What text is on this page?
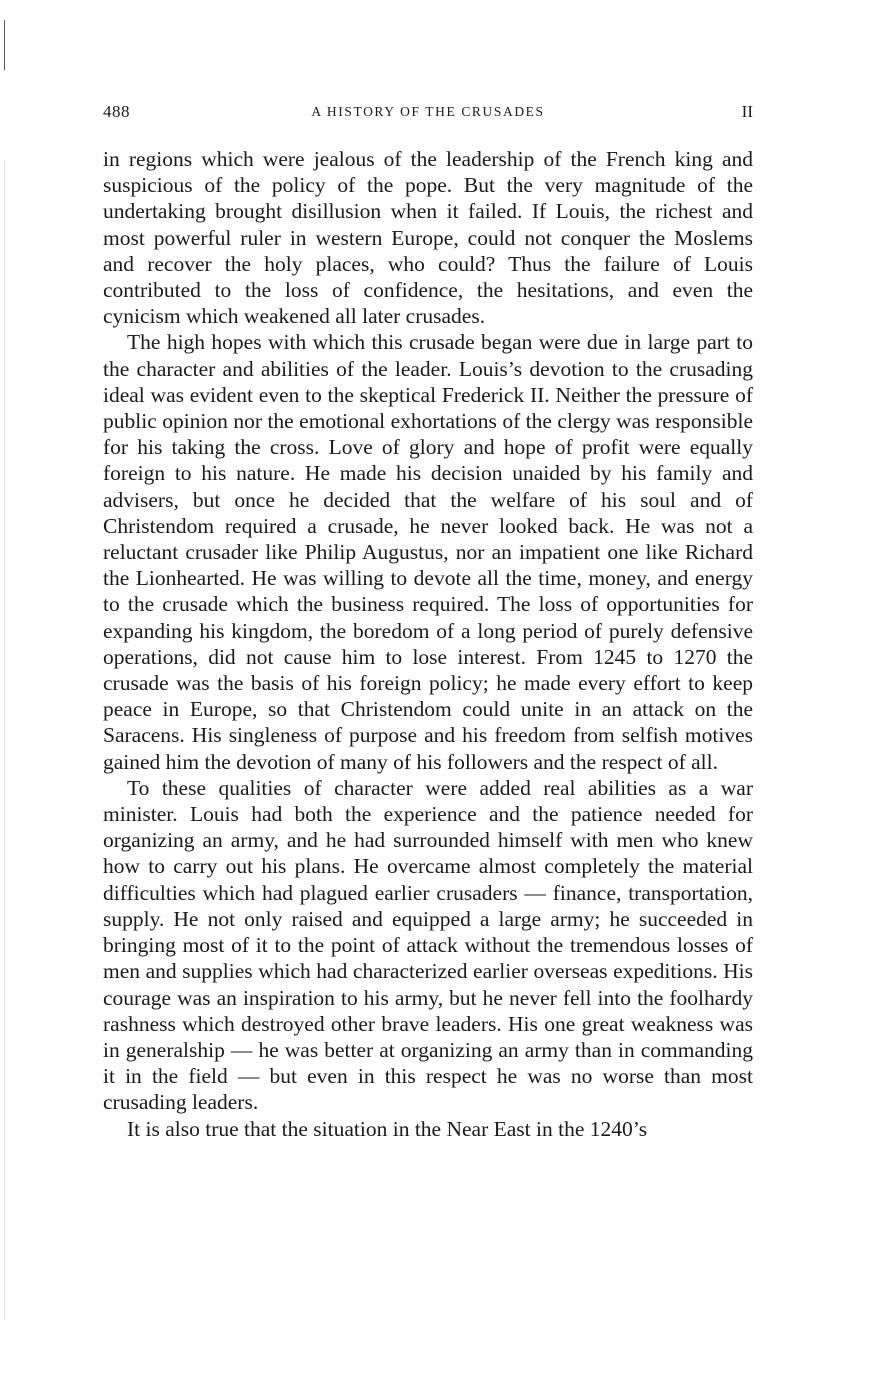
488	A HISTORY OF THE CRUSADES	II

in regions which were jealous of the leadership of the French king and suspicious of the policy of the pope. But the very magnitude of the undertaking brought disillusion when it failed. If Louis, the richest and most powerful ruler in western Europe, could not conquer the Moslems and recover the holy places, who could? Thus the failure of Louis contributed to the loss of confidence, the hesitations, and even the cynicism which weakened all later crusades.

The high hopes with which this crusade began were due in large part to the character and abilities of the leader. Louis’s devotion to the crusading ideal was evident even to the skeptical Frederick II. Neither the pressure of public opinion nor the emotional exhortations of the clergy was responsible for his taking the cross. Love of glory and hope of profit were equally foreign to his nature. He made his decision unaided by his family and advisers, but once he decided that the welfare of his soul and of Christendom required a crusade, he never looked back. He was not a reluctant crusader like Philip Augustus, nor an impatient one like Richard the Lionhearted. He was willing to devote all the time, money, and energy to the crusade which the business required. The loss of opportunities for expanding his kingdom, the boredom of a long period of purely defensive operations, did not cause him to lose interest. From 1245 to 1270 the crusade was the basis of his foreign policy; he made every effort to keep peace in Europe, so that Christendom could unite in an attack on the Saracens. His singleness of purpose and his freedom from selfish motives gained him the devotion of many of his followers and the respect of all.

To these qualities of character were added real abilities as a war minister. Louis had both the experience and the patience needed for organizing an army, and he had surrounded himself with men who knew how to carry out his plans. He overcame almost completely the material difficulties which had plagued earlier crusaders — finance, transportation, supply. He not only raised and equipped a large army; he succeeded in bringing most of it to the point of attack without the tremendous losses of men and supplies which had characterized earlier overseas expeditions. His courage was an inspiration to his army, but he never fell into the foolhardy rashness which destroyed other brave leaders. His one great weakness was in generalship — he was better at organizing an army than in commanding it in the field — but even in this respect he was no worse than most crusading leaders.

It is also true that the situation in the Near East in the 1240’s
